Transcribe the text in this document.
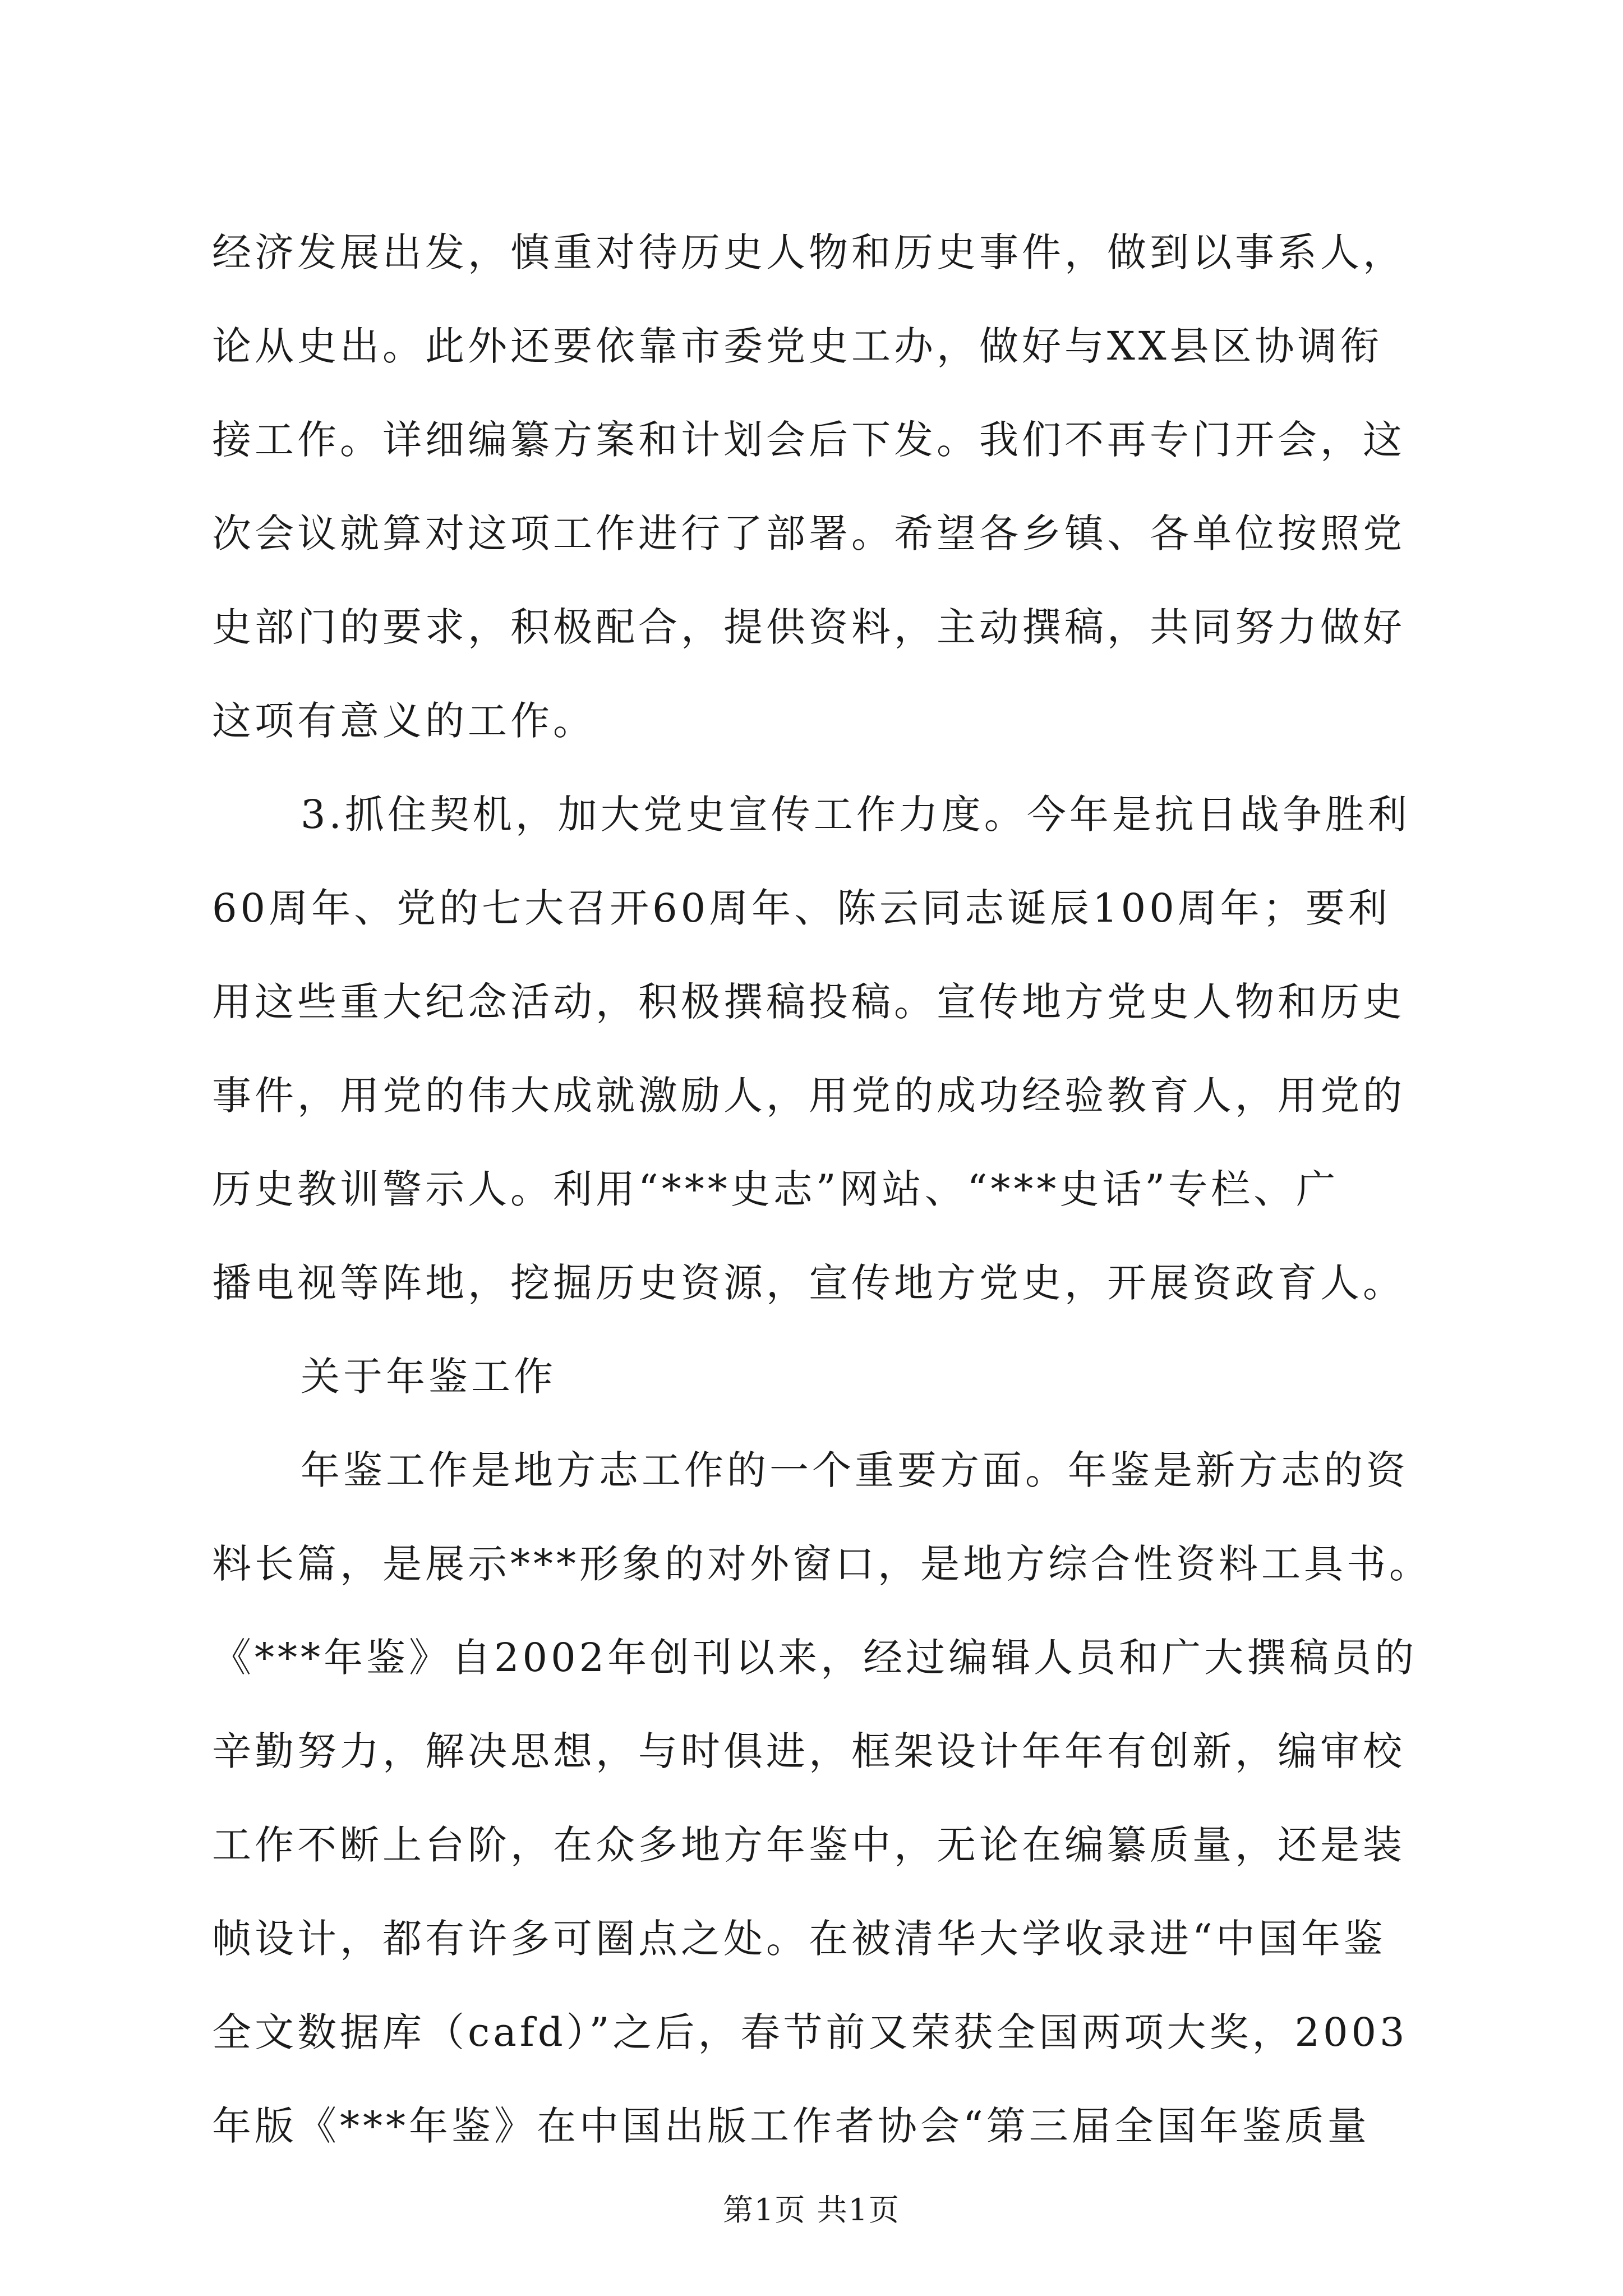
经济发展出发，慎重对待历史人物和历史事件，做到以事系人，
论从史出。此外还要依靠市委党史工办，做好与XX县区协调衔
接工作。详细编纂方案和计划会后下发。我们不再专门开会，这
次会议就算对这项工作进行了部署。希望各乡镇、各单位按照党
史部门的要求，积极配合，提供资料，主动撰稿，共同努力做好
这项有意义的工作。
3.抓住契机，加大党史宣传工作力度。今年是抗日战争胜利
60周年、党的七大召开60周年、陈云同志诞辰100周年；要利
用这些重大纪念活动，积极撰稿投稿。宣传地方党史人物和历史
事件，用党的伟大成就激励人，用党的成功经验教育人，用党的
历史教训警示人。利用“***史志”网站、“***史话”专栏、广
播电视等阵地，挖掘历史资源，宣传地方党史，开展资政育人。
关于年鉴工作
年鉴工作是地方志工作的一个重要方面。年鉴是新方志的资
料长篇，是展示***形象的对外窗口，是地方综合性资料工具书。
《***年鉴》自2002年创刊以来，经过编辑人员和广大撰稿员的
辛勤努力，解决思想，与时俱进，框架设计年年有创新，编审校
工作不断上台阶，在众多地方年鉴中，无论在编纂质量，还是装
帧设计，都有许多可圈点之处。在被清华大学收录进“中国年鉴
全文数据库（cafd）”之后，春节前又荣获全国两项大奖，2003
年版《***年鉴》在中国出版工作者协会“第三届全国年鉴质量
第1页 共1页
